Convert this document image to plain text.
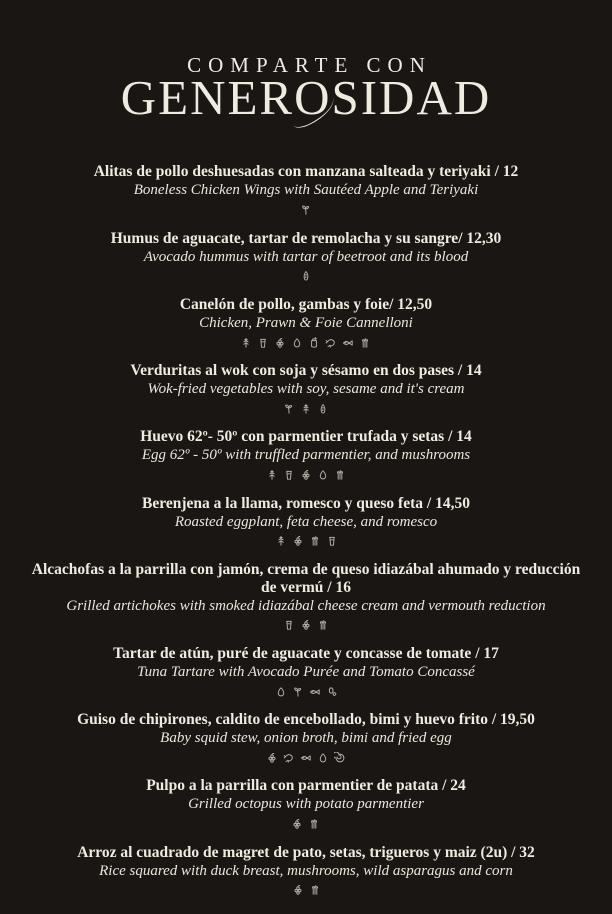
COMPARTE CON
GENEROSIDAD
Alitas de pollo deshuesadas con manzana salteada y teriyaki / 12
Boneless Chicken Wings with Sautéed Apple and Teriyaki
Humus de aguacate, tartar de remolacha y su sangre/ 12,30
Avocado hummus with tartar of beetroot and its blood
Canelón de pollo, gambas y foie/ 12,50
Chicken, Prawn & Foie Cannelloni
Verduritas al wok con soja y sésamo en dos pases / 14
Wok-fried vegetables with soy, sesame and it's cream
Huevo 62º- 50º con parmentier trufada y setas / 14
Egg 62º - 50º with truffled parmentier, and mushrooms
Berenjena a la llama, romesco y queso feta / 14,50
Roasted eggplant, feta cheese, and romesco
Alcachofas a la parrilla con jamón, crema de queso idiazábal ahumado y reducción de vermú / 16
Grilled artichokes with smoked idiazábal cheese cream and vermouth reduction
Tartar de atún, puré de aguacate y concasse de tomate / 17
Tuna Tartare with Avocado Purée and Tomato Concassé
Guiso de chipirones, caldito de encebollado, bimi y huevo frito / 19,50
Baby squid stew, onion broth, bimi and fried egg
Pulpo a la parrilla con parmentier de patata / 24
Grilled octopus with potato parmentier
Arroz al cuadrado de magret de pato, setas, trigueros y maiz (2u) / 32
Rice squared with duck breast, mushrooms, wild asparagus and corn
